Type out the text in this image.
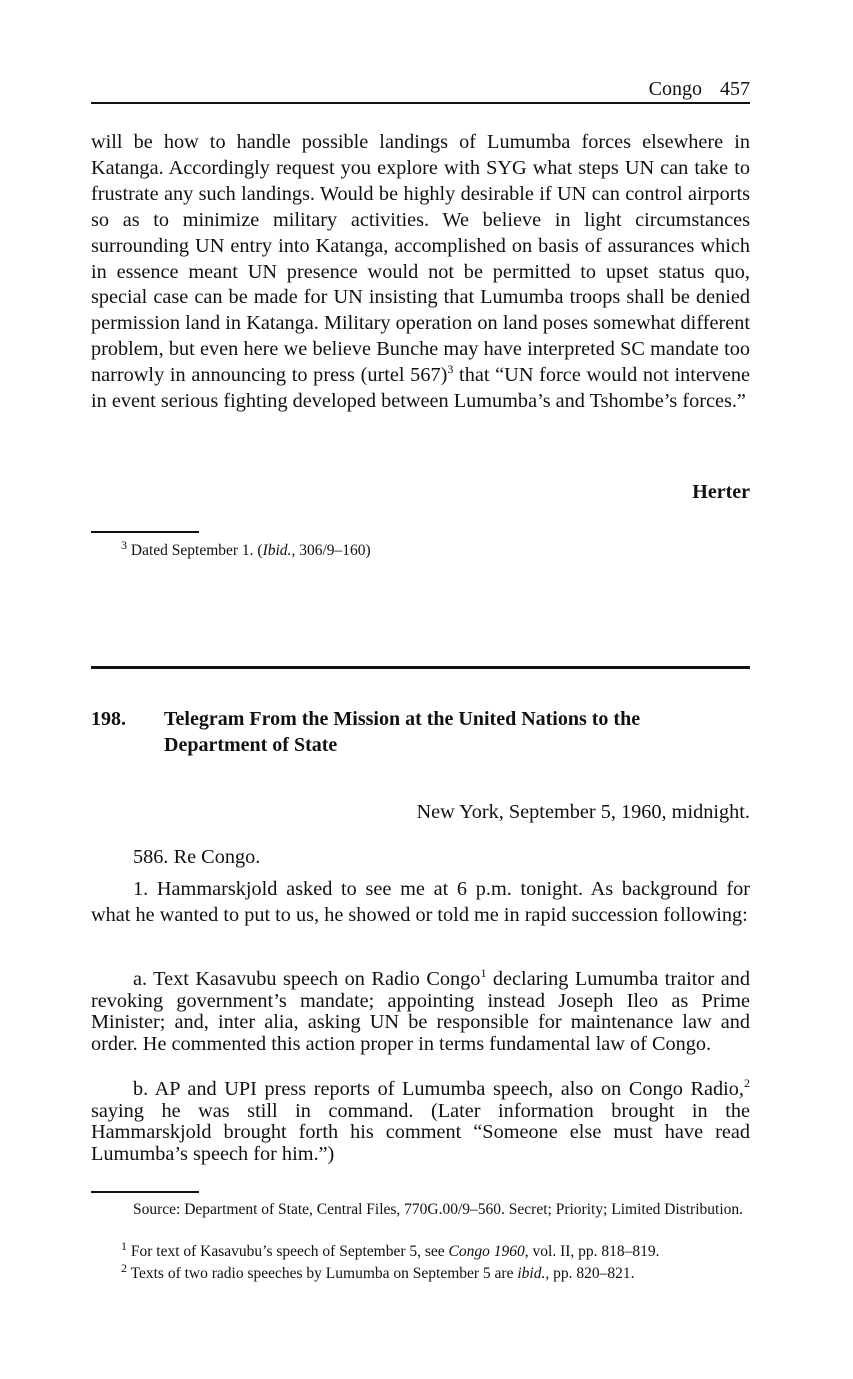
Congo 457

will be how to handle possible landings of Lumumba forces elsewhere in Katanga. Accordingly request you explore with SYG what steps UN can take to frustrate any such landings. Would be highly desirable if UN can control airports so as to minimize military activities. We believe in light circumstances surrounding UN entry into Katanga, accomplished on basis of assurances which in essence meant UN presence would not be permitted to upset status quo, special case can be made for UN insisting that Lumumba troops shall be denied permission land in Katanga. Military operation on land poses somewhat different problem, but even here we believe Bunche may have interpreted SC mandate too narrowly in announcing to press (urtel 567)$^3$ that “UN force would not intervene in event serious fighting developed between Lumumba’s and Tshombe’s forces.”

Herter

$^3$ Dated September 1. (Ibid., 306/9–160)

198. Telegram From the Mission at the United Nations to the Department of State
New York, September 5, 1960, midnight.
586. Re Congo.

1. Hammarskjold asked to see me at 6 p.m. tonight. As background for what he wanted to put to us, he showed or told me in rapid succession following:

a. Text Kasavubu speech on Radio Congo$^1$ declaring Lumumba traitor and revoking government’s mandate; appointing instead Joseph Ileo as Prime Minister; and, inter alia, asking UN be responsible for maintenance law and order. He commented this action proper in terms fundamental law of Congo.

b. AP and UPI press reports of Lumumba speech, also on Congo Radio,$^2$ saying he was still in command. (Later information brought in the Hammarskjold brought forth his comment “Someone else must have read Lumumba’s speech for him.”)

Source: Department of State, Central Files, 770G.00/9–560. Secret; Priority; Limited Distribution.

$^1$ For text of Kasavubu’s speech of September 5, see Congo 1960, vol. II, pp. 818–819.

$^2$ Texts of two radio speeches by Lumumba on September 5 are ibid., pp. 820–821.
